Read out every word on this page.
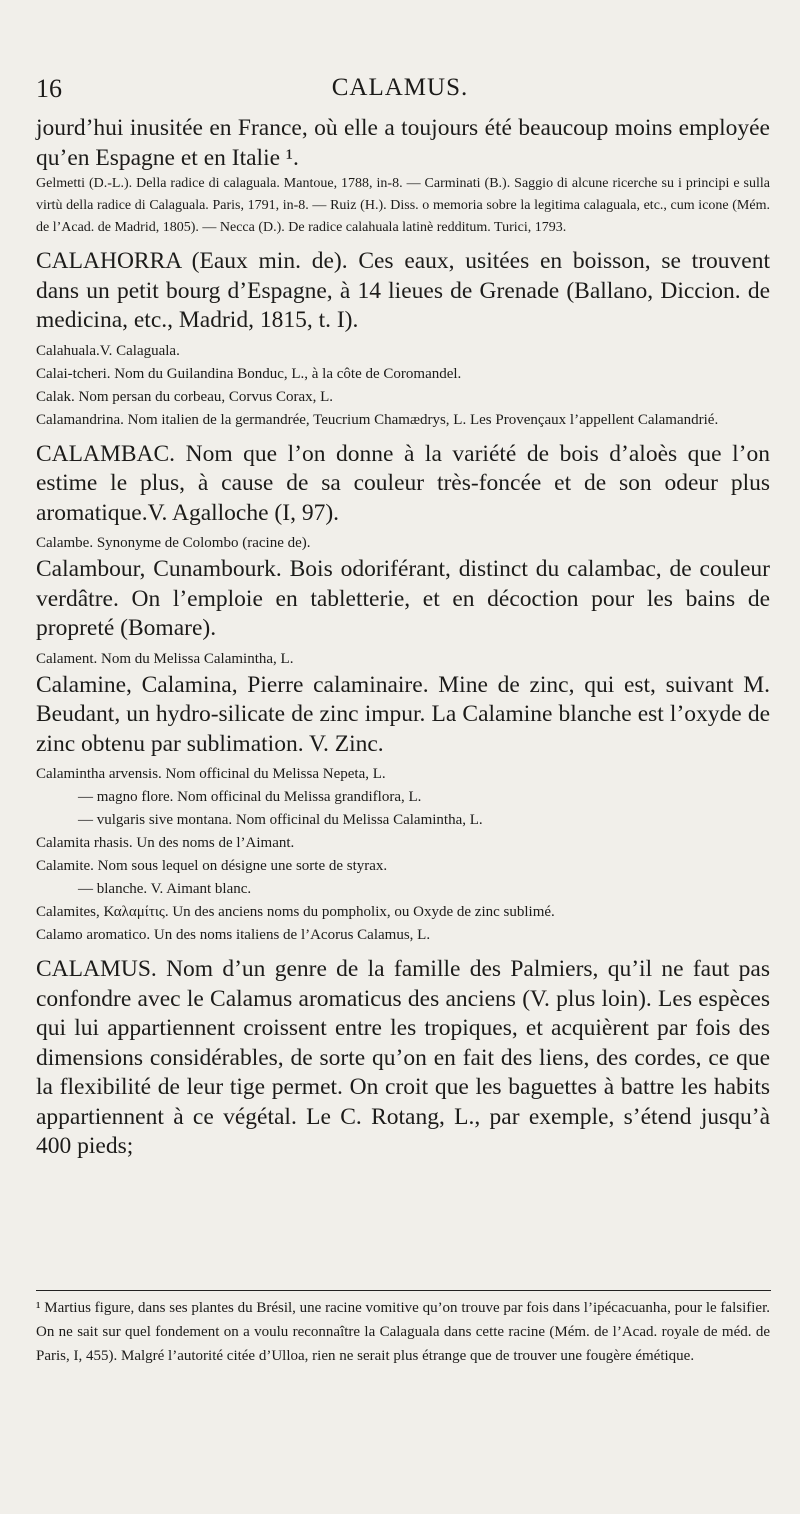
16	CALAMUS.

jourd’hui inusitée en France, où elle a toujours été beaucoup moins employée qu’en Espagne et en Italie ¹.

Gelmetti (D.-L.). Della radice di calaguala. Mantoue, 1788, in-8. — Carminati (B.). Saggio di alcune ricerche su i principi e sulla virtù della radice di Calaguala. Paris, 1791, in-8. — Ruiz (H.). Diss. o memoria sobre la legitima calaguala, etc., cum icone (Mém. de l’Acad. de Madrid, 1805). — Necca (D.). De radice calahuala latinè redditum. Turici, 1793.

CALAHORRA (Eaux min. de). Ces eaux, usitées en boisson, se trouvent dans un petit bourg d’Espagne, à 14 lieues de Grenade (Ballano, Diccion. de medicina, etc., Madrid, 1815, t. I).

Calahuala.V. Calaguala.

Calai-tcheri. Nom du Guilandina Bonduc, L., à la côte de Coromandel.

Calak. Nom persan du corbeau, Corvus Corax, L.

Calamandrina. Nom italien de la germandrée, Teucrium Chamædrys, L. Les Provençaux l’appellent Calamandrié.

CALAMBAC. Nom que l’on donne à la variété de bois d’aloès que l’on estime le plus, à cause de sa couleur très-foncée et de son odeur plus aromatique.V. Agalloche (I, 97).

Calambe. Synonyme de Colombo (racine de).

Calambour, Cunambourk. Bois odoriférant, distinct du calambac, de couleur verdâtre. On l’emploie en tabletterie, et en décoction pour les bains de propreté (Bomare).

Calament. Nom du Melissa Calamintha, L.

Calamine, Calamina, Pierre calaminaire. Mine de zinc, qui est, suivant M. Beudant, un hydro-silicate de zinc impur. La Calamine blanche est l’oxyde de zinc obtenu par sublimation. V. Zinc.

Calamintha arvensis. Nom officinal du Melissa Nepeta, L.

— magno flore. Nom officinal du Melissa grandiflora, L.

— vulgaris sive montana. Nom officinal du Melissa Calamintha, L.

Calamita rhasis. Un des noms de l’Aimant.

Calamite. Nom sous lequel on désigne une sorte de styrax.

— blanche. V. Aimant blanc.

Calamites, Καλαμίτις. Un des anciens noms du pompholix, ou Oxyde de zinc sublimé.

Calamo aromatico. Un des noms italiens de l’Acorus Calamus, L.

CALAMUS. Nom d’un genre de la famille des Palmiers, qu’il ne faut pas confondre avec le Calamus aromaticus des anciens (V. plus loin). Les espèces qui lui appartiennent croissent entre les tropiques, et acquièrent par fois des dimensions considérables, de sorte qu’on en fait des liens, des cordes, ce que la flexibilité de leur tige permet. On croit que les baguettes à battre les habits appartiennent à ce végétal. Le C. Rotang, L., par exemple, s’étend jusqu’à 400 pieds;

¹ Martius figure, dans ses plantes du Brésil, une racine vomitive qu’on trouve par fois dans l’ipécacuanha, pour le falsifier. On ne sait sur quel fondement on a voulu reconnaître la Calaguala dans cette racine (Mém. de l’Acad. royale de méd. de Paris, I, 455). Malgré l’autorité citée d’Ulloa, rien ne serait plus étrange que de trouver une fougère émétique.
